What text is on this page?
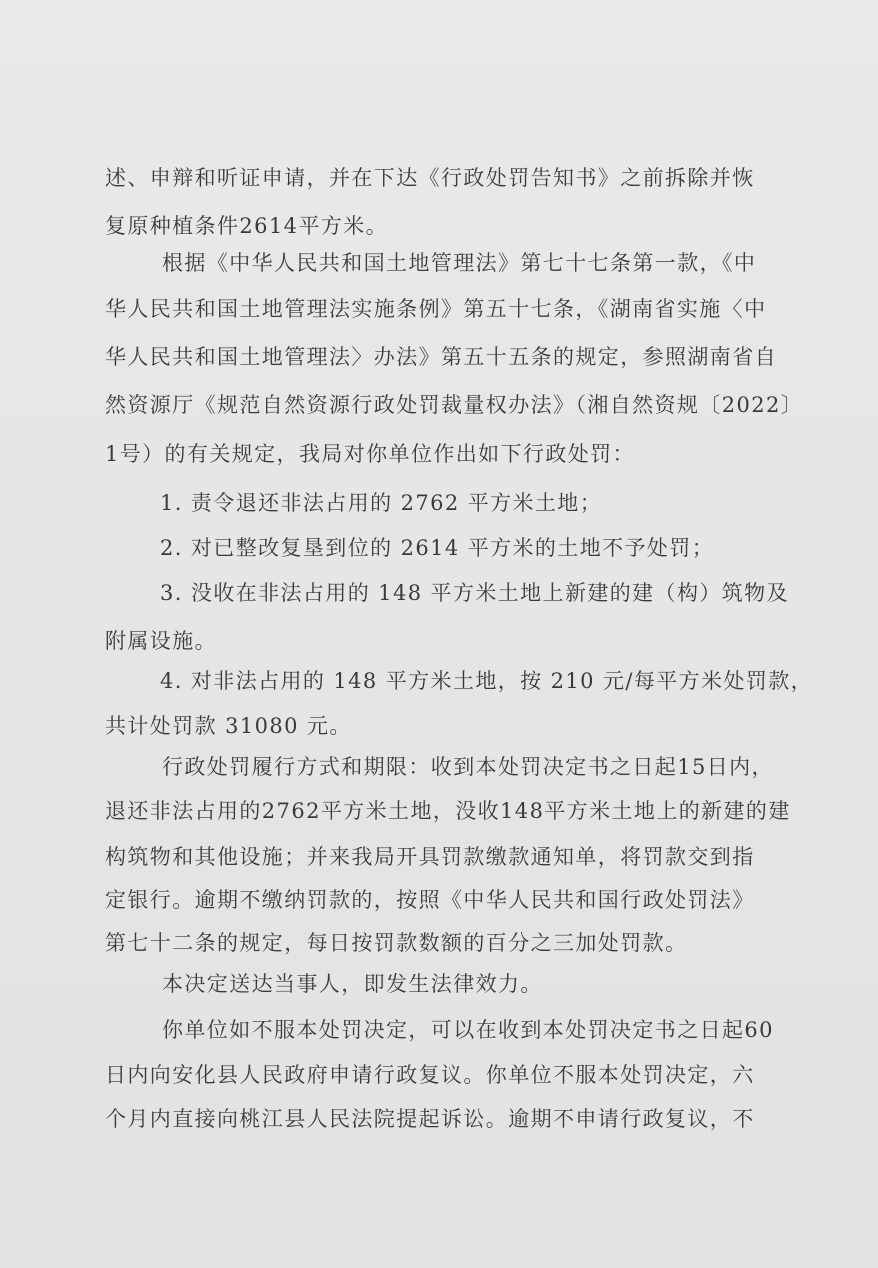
述、申辩和听证申请，并在下达《行政处罚告知书》之前拆除并恢
复原种植条件2614平方米。
根据《中华人民共和国土地管理法》第七十七条第一款，《中
华人民共和国土地管理法实施条例》第五十七条，《湖南省实施〈中
华人民共和国土地管理法〉办法》第五十五条的规定，参照湖南省自
然资源厅《规范自然资源行政处罚裁量权办法》（湘自然资规〔2022〕
1号）的有关规定，我局对你单位作出如下行政处罚：
1. 责令退还非法占用的 2762 平方米土地；
2. 对已整改复垦到位的 2614 平方米的土地不予处罚；
3. 没收在非法占用的 148 平方米土地上新建的建（构）筑物及
附属设施。
4. 对非法占用的 148 平方米土地，按 210 元/每平方米处罚款，
共计处罚款 31080 元。
行政处罚履行方式和期限：收到本处罚决定书之日起15日内，
退还非法占用的2762平方米土地，没收148平方米土地上的新建的建
构筑物和其他设施；并来我局开具罚款缴款通知单，将罚款交到指
定银行。逾期不缴纳罚款的，按照《中华人民共和国行政处罚法》
第七十二条的规定，每日按罚款数额的百分之三加处罚款。
本决定送达当事人，即发生法律效力。
你单位如不服本处罚决定，可以在收到本处罚决定书之日起60
日内向安化县人民政府申请行政复议。你单位不服本处罚决定，六
个月内直接向桃江县人民法院提起诉讼。逾期不申请行政复议，不
